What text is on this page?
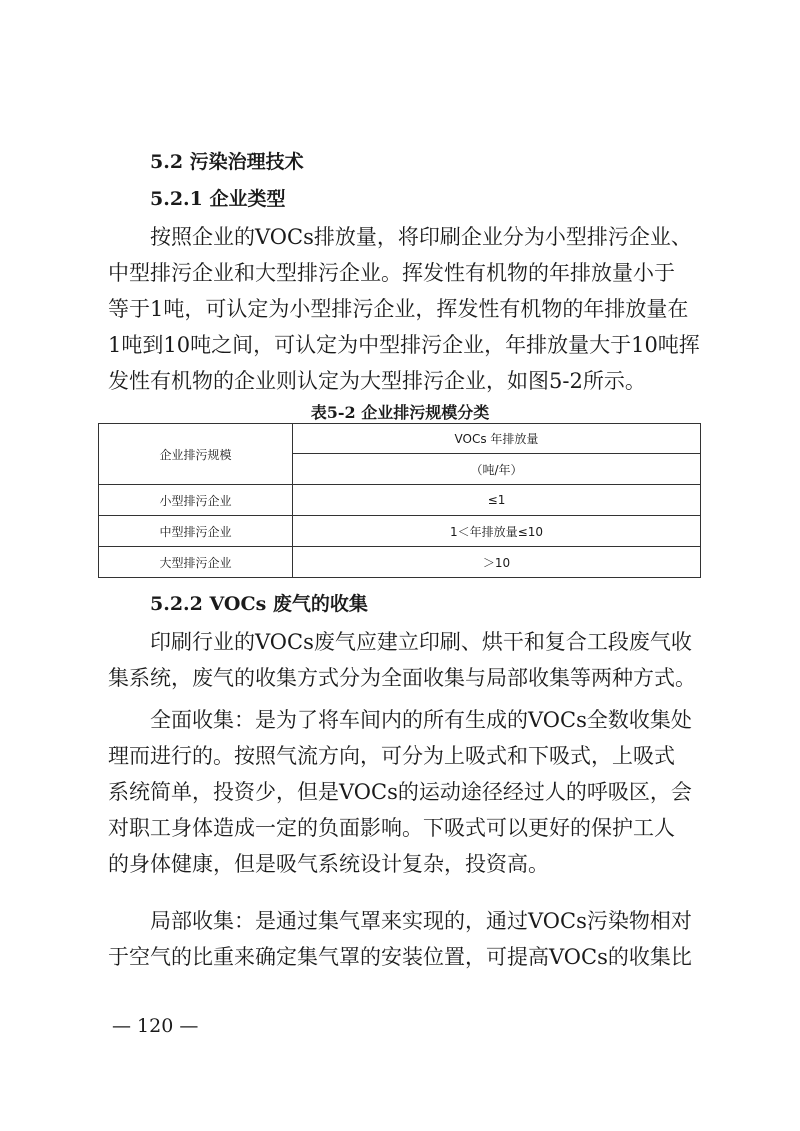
5.2 污染治理技术
5.2.1 企业类型
　　按照企业的VOCs排放量，将印刷企业分为小型排污企业、
中型排污企业和大型排污企业。挥发性有机物的年排放量小于
等于1吨，可认定为小型排污企业，挥发性有机物的年排放量在
1吨到10吨之间，可认定为中型排污企业，年排放量大于10吨挥
发性有机物的企业则认定为大型排污企业，如图5-2所示。
表5-2 企业排污规模分类
企业排污规模	VOCs 年排放量
	（吨/年）
小型排污企业	≤1
中型排污企业	1＜年排放量≤10
大型排污企业	＞10
5.2.2 VOCs 废气的收集
　　印刷行业的VOCs废气应建立印刷、烘干和复合工段废气收
集系统，废气的收集方式分为全面收集与局部收集等两种方式。
　　全面收集：是为了将车间内的所有生成的VOCs全数收集处
理而进行的。按照气流方向，可分为上吸式和下吸式，上吸式
系统简单，投资少，但是VOCs的运动途径经过人的呼吸区，会
对职工身体造成一定的负面影响。下吸式可以更好的保护工人
的身体健康，但是吸气系统设计复杂，投资高。
　　局部收集：是通过集气罩来实现的，通过VOCs污染物相对
于空气的比重来确定集气罩的安装位置，可提高VOCs的收集比
— 120 —
